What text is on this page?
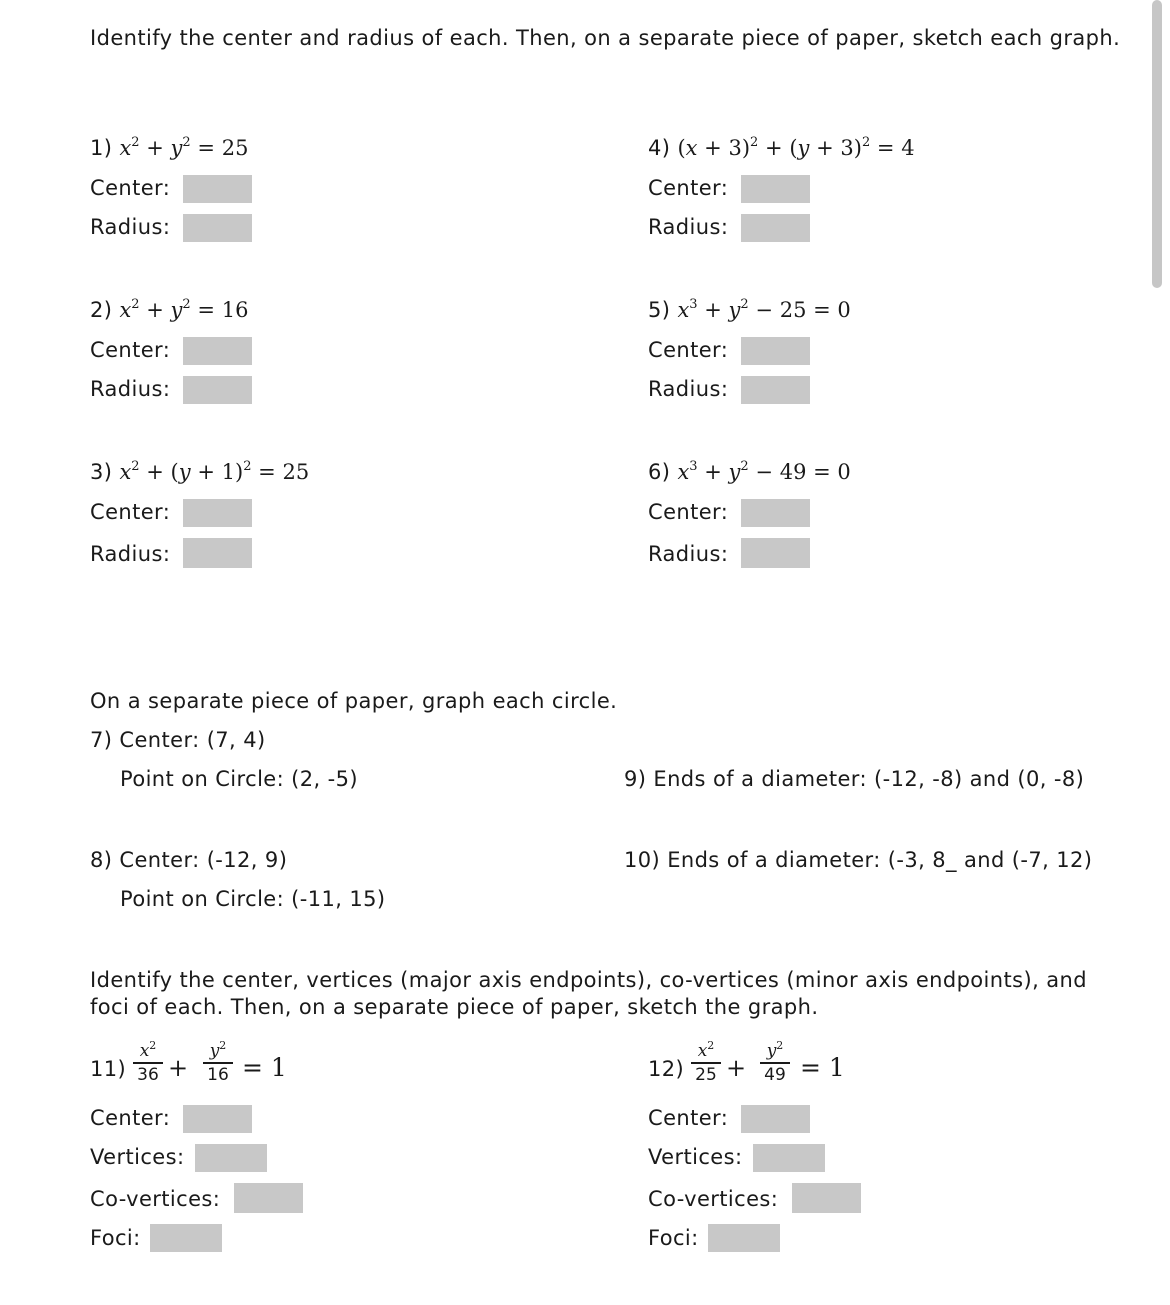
Identify the center and radius of each. Then, on a separate piece of paper, sketch each graph.
1) $x^2 + y^2 = 25$
Center:
Radius:
4) $(x + 3)^2 + (y + 3)^2 = 4$
Center:
Radius:
2) $x^2 + y^2 = 16$
Center:
Radius:
5) $x^3 + y^2 - 25 = 0$
Center:
Radius:
3) $x^2 + (y + 1)^2 = 25$
Center:
Radius:
6) $x^3 + y^2 - 49 = 0$
Center:
Radius:
On a separate piece of paper, graph each circle.
7) Center: (7, 4)
Point on Circle: (2, -5)	9) Ends of a diameter: (-12, -8) and (0, -8)
8) Center: (-12, 9)	10) Ends of a diameter: (-3, 8_ and (-7, 12)
Point on Circle: (-11, 15)
Identify the center, vertices (major axis endpoints), co-vertices (minor axis endpoints), and foci of each. Then, on a separate piece of paper, sketch the graph.
11)
$x^2$
36 +
$y^2$
16 = 1
Center:
Vertices:
Co-vertices:
Foci:
12)
$x^2$
25 +
$y^2$
49 = 1
Center:
Vertices:
Co-vertices:
Foci:
